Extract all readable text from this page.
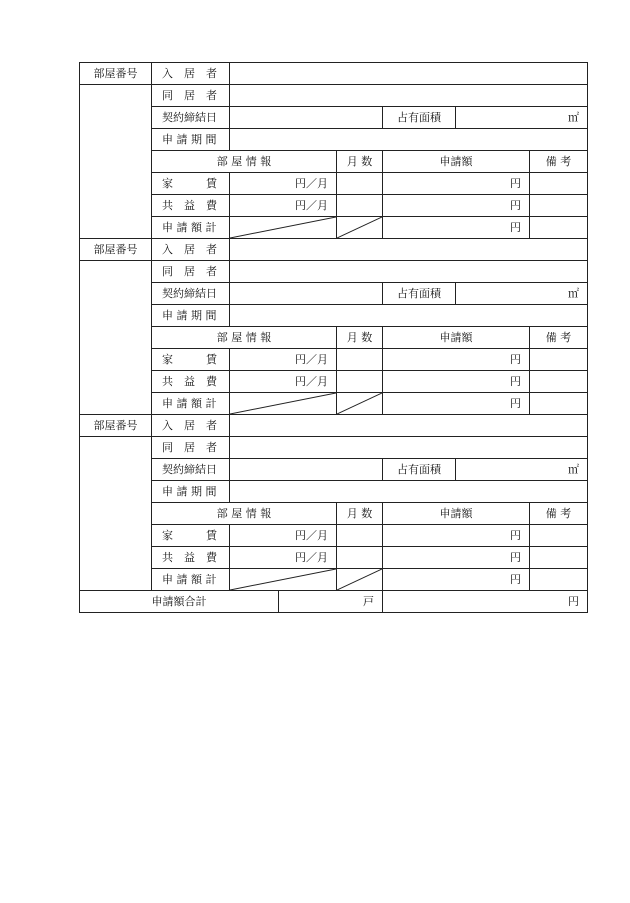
部屋番号	入　居　者						
	同　居　者						
	契約締結日				占有面積	㎡	
	申 請 期 間						
	部 屋 情 報			月 数	申請額		備 考
	家　　　賃	円／月			円		
	共　益　費	円／月			円		
	申 請 額 計				円		
部屋番号	入　居　者						
	同　居　者						
	契約締結日				占有面積	㎡	
	申 請 期 間						
	部 屋 情 報			月 数	申請額		備 考
	家　　　賃	円／月			円		
	共　益　費	円／月			円		
	申 請 額 計				円		
部屋番号	入　居　者						
	同　居　者						
	契約締結日				占有面積	㎡	
	申 請 期 間						
	部 屋 情 報			月 数	申請額		備 考
	家　　　賃	円／月			円		
	共　益　費	円／月			円		
	申 請 額 計				円		
申請額合計			戸		円		
